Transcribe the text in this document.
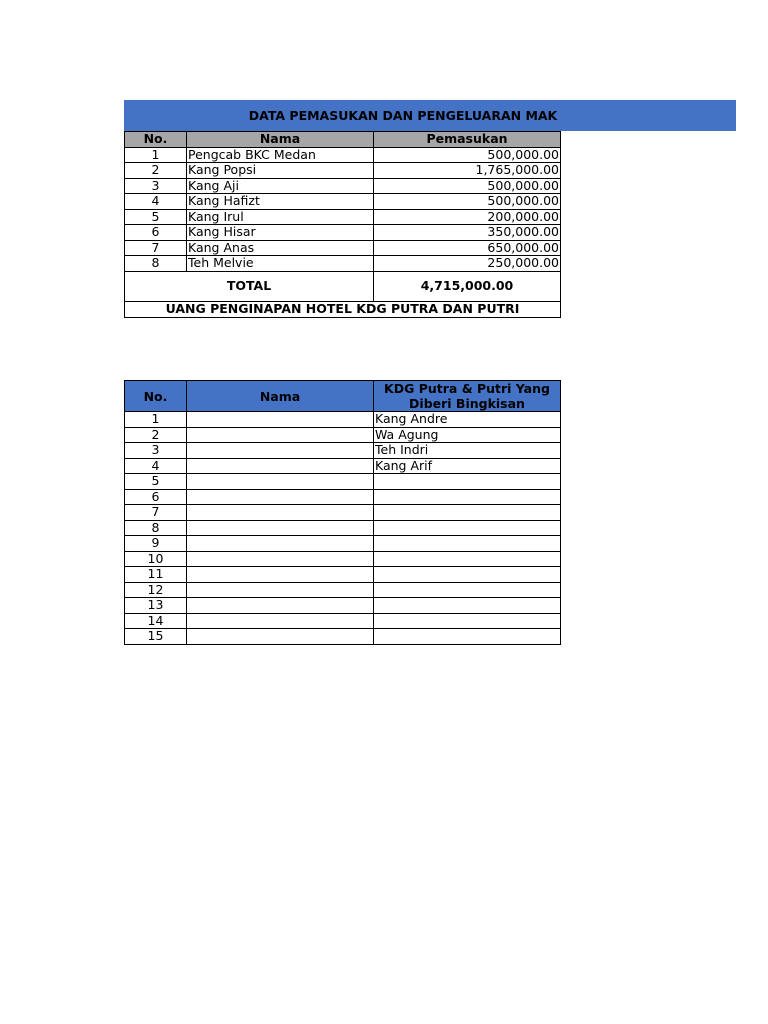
DATA PEMASUKAN DAN PENGELUARAN MAK
No.	Nama	Pemasukan
1	Pengcab BKC Medan	500,000.00
2	Kang Popsi	1,765,000.00
3	Kang Aji	500,000.00
4	Kang Hafizt	500,000.00
5	Kang Irul	200,000.00
6	Kang Hisar	350,000.00
7	Kang Anas	650,000.00
8	Teh Melvie	250,000.00
TOTAL		4,715,000.00
UANG PENGINAPAN HOTEL KDG PUTRA DAN PUTRI		
No.	Nama	KDG Putra & Putri Yang Diberi Bingkisan
1		Kang Andre
2		Wa Agung
3		Teh Indri
4		Kang Arif
5		
6		
7		
8		
9		
10		
11		
12		
13		
14		
15		
